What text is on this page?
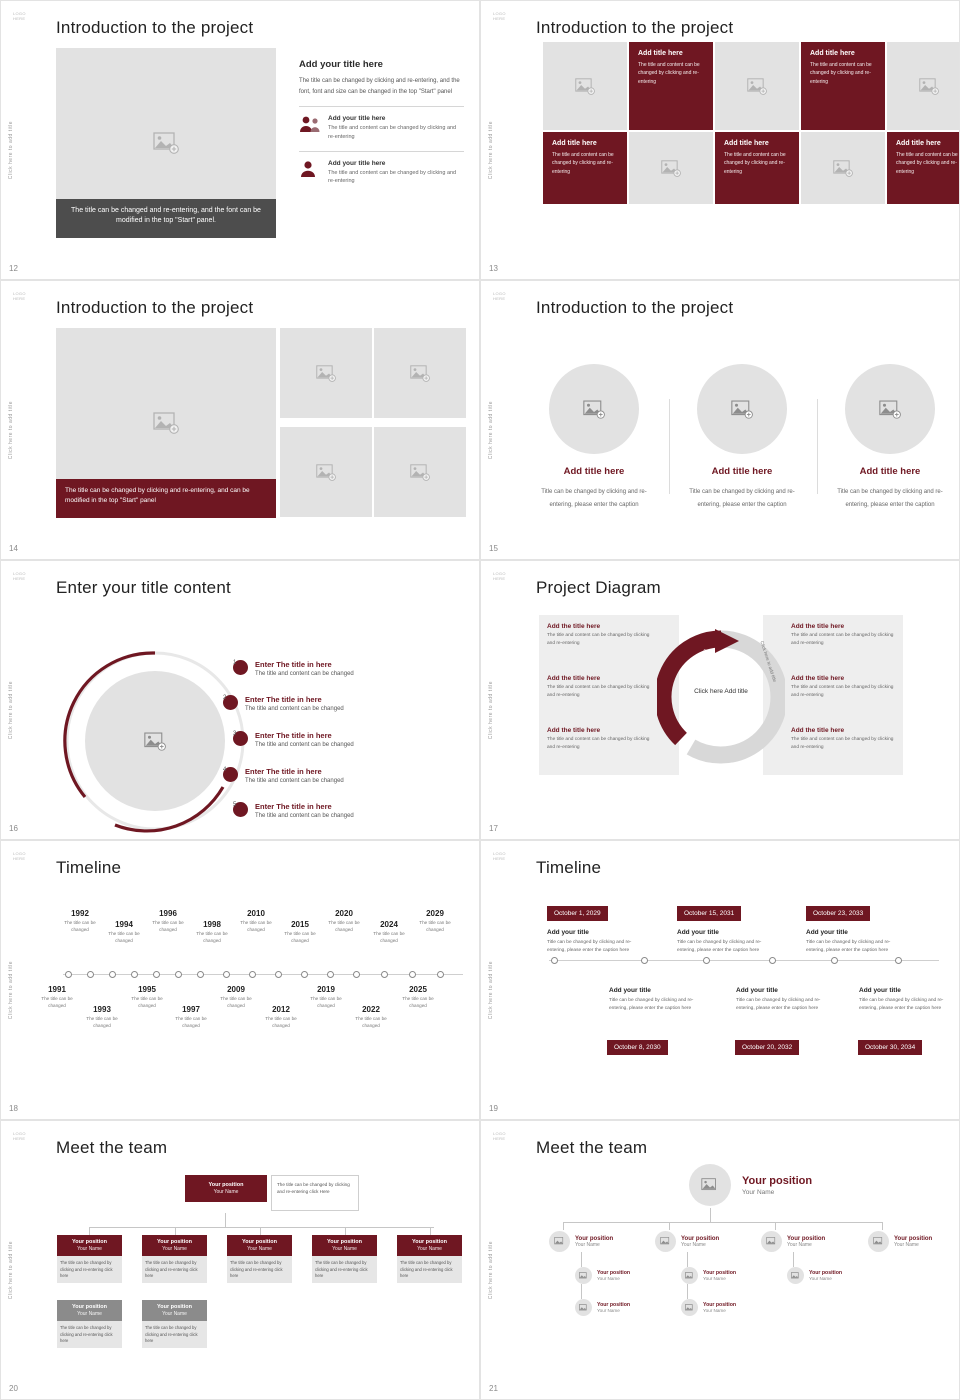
LOGO
HERE
Click here to add title
Introduction to the project
The title can be changed and re-entering, and the font can be modified in the top "Start" panel.
Add your title here

The title can be changed by clicking and re-entering, and the font, font and size can be changed in the top "Start" panel

Add your title here
The title and content can be changed by clicking and re-entering
Add your title here
The title and content can be changed by clicking and re-entering
12
LOGO
HERE
Click here to add title
Introduction to the project
Add title here
The title and content can be changed by clicking and re-entering
Add title here
The title and content can be changed by clicking and re-entering
Add title here
The title and content can be changed by clicking and re-entering
Add title here
The title and content can be changed by clicking and re-entering
Add title here
The title and content can be changed by clicking and re-entering
13
LOGO
HERE
Click here to add title
Introduction to the project
The title can be changed by clicking and re-entering, and can be modified in the top "Start" panel
14
LOGO
HERE
Click here to add title
Introduction to the project
Add title here
Title can be changed by clicking and re-entering, please enter the caption
Add title here
Title can be changed by clicking and re-entering, please enter the caption
Add title here
Title can be changed by clicking and re-entering, please enter the caption
15
LOGO
HERE
Click here to add title
Enter your title content
1	Enter The title in here
The title and content can be changed
2	Enter The title in here
The title and content can be changed
3	Enter The title in here
The title and content can be changed
4	Enter The title in here
The title and content can be changed
5	Enter The title in here
The title and content can be changed
16
LOGO
HERE
Click here to add title
Project Diagram
Add the title here
The title and content can be changed by clicking and re-entering
Add the title here
The title and content can be changed by clicking and re-entering
Add the title here
The title and content can be changed by clicking and re-entering
Add the title here
The title and content can be changed by clicking and re-entering
Add the title here
The title and content can be changed by clicking and re-entering
Add the title here
The title and content can be changed by clicking and re-entering
Click here Add title
Click here to add title	Click here to add title
17
LOGO
HERE
Click here to add title
Timeline
1992
The title can be changed
1994
The title can be changed
1996
The title can be changed
1998
The title can be changed
2010
The title can be changed
2015
The title can be changed
2020
The title can be changed
2024
The title can be changed
2029
The title can be changed
1991
The title can be changed	1993
The title can be changed
1995
The title can be changed	1997
The title can be changed
2009
The title can be changed	2012
The title can be changed
2019
The title can be changed	2022
The title can be changed
2025
The title can be changed
18
LOGO
HERE
Click here to add title
Timeline
October 1, 2029	October 15, 2031	October 23, 2033
Add your title
Title can be changed by clicking and re-entering, please enter the caption here
Add your title
Title can be changed by clicking and re-entering, please enter the caption here
Add your title
Title can be changed by clicking and re-entering, please enter the caption here
Add your title
Title can be changed by clicking and re-entering, please enter the caption here
Add your title
Title can be changed by clicking and re-entering, please enter the caption here
Add your title
Title can be changed by clicking and re-entering, please enter the caption here
October 8, 2030	October 20, 2032	October 30, 2034
19
LOGO
HERE
Click here to add title
Meet the team
Your position
Your Name
The title can be changed by clicking and re-entering click Here
Your position
Your Name
The title can be changed by clicking and re-entering click here
Your position
Your Name
The title can be changed by clicking and re-entering click here
Your position
Your Name
The title can be changed by clicking and re-entering click here
Your position
Your Name
The title can be changed by clicking and re-entering click here
Your position
Your Name
The title can be changed by clicking and re-entering click here
Your position
Your Name
The title can be changed by clicking and re-entering click here
Your position
Your Name
The title can be changed by clicking and re-entering click here
20
LOGO
HERE
Click here to add title
Meet the team
Your position
Your Name
Your position
Your Name
Your position
Your Name
Your position
Your Name
Your position
Your Name
Your position
Your Name
Your position
Your Name
Your position
Your Name
Your position
Your Name
Your position
Your Name
21
